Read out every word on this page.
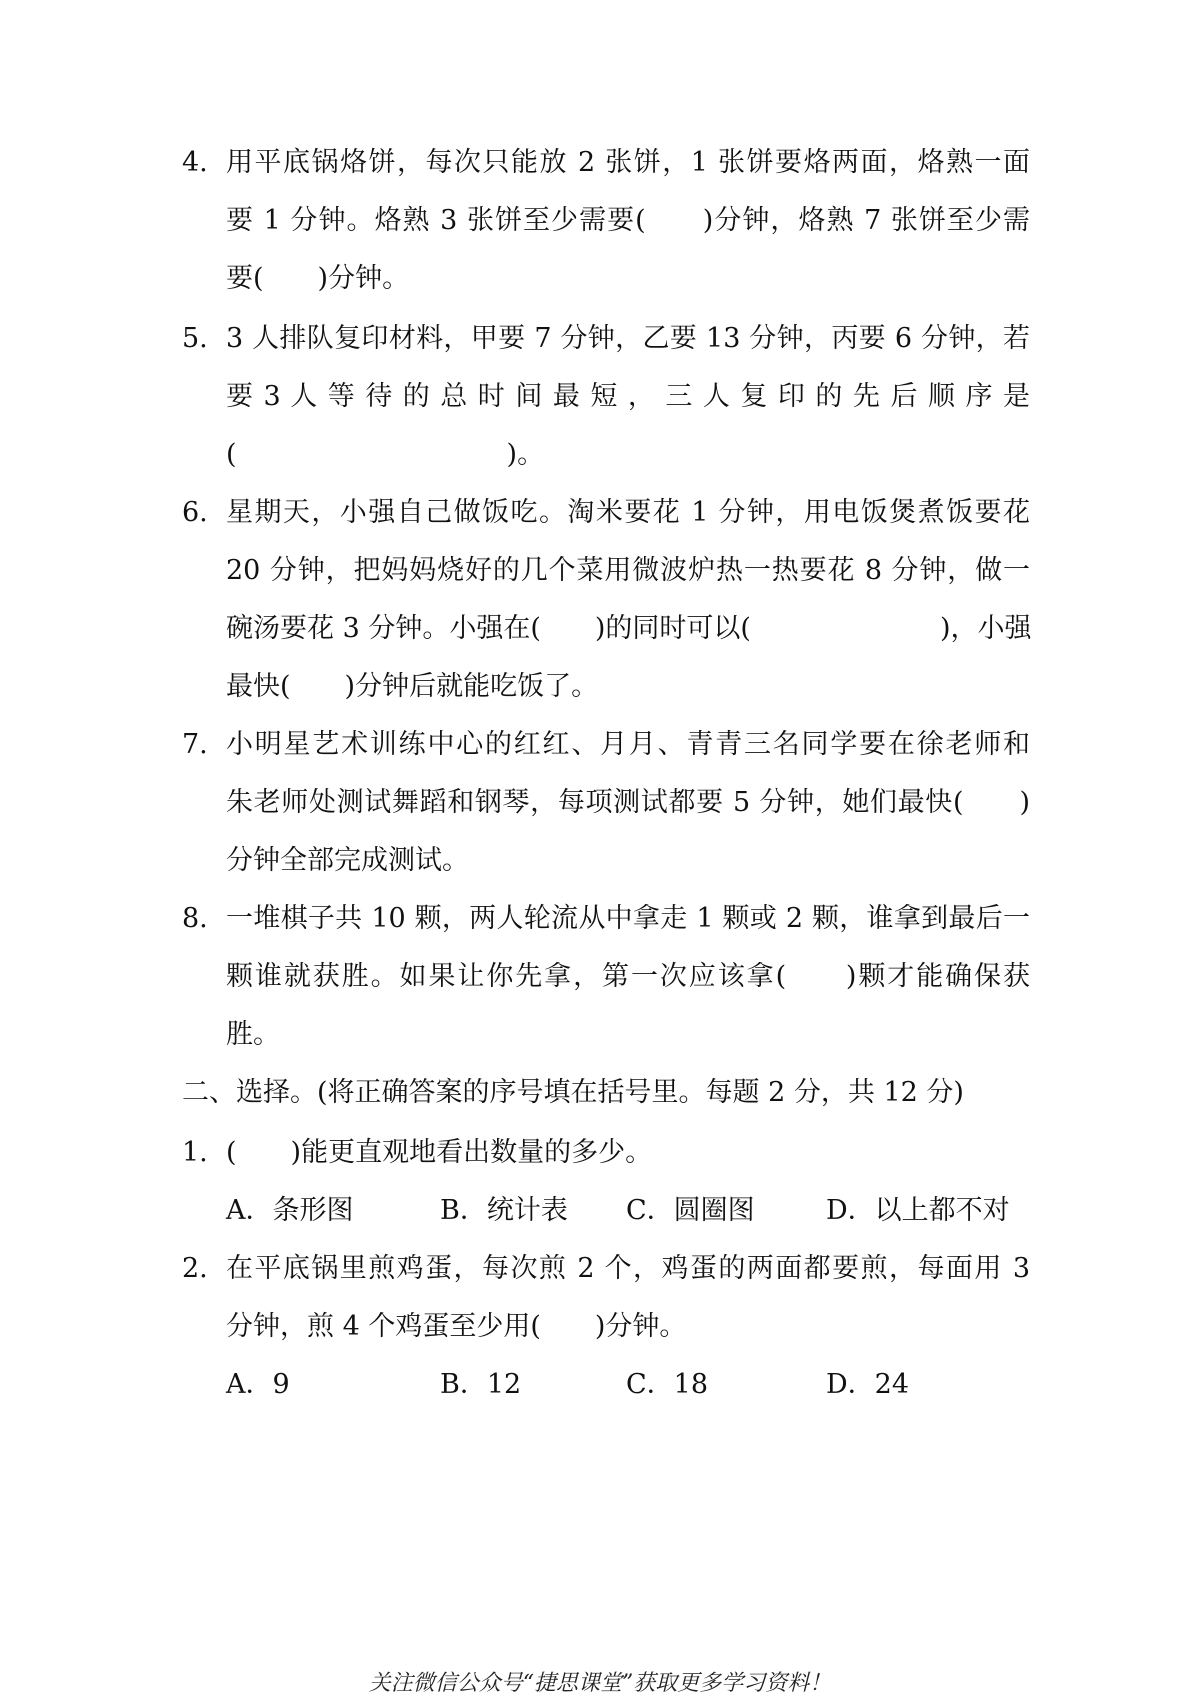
4. 用平底锅烙饼，每次只能放 2 张饼，1 张饼要烙两面，烙熟一面
要 1 分钟。烙熟 3 张饼至少需要(　　)分钟，烙熟 7 张饼至少需
要(　　)分钟。
5. 3 人排队复印材料，甲要 7 分钟，乙要 13 分钟，丙要 6 分钟，若
要 3 人 等 待 的 总 时 间 最 短 ， 三 人 复 印 的 先 后 顺 序 是
(　　　　　　　　　　)。
6. 星期天，小强自己做饭吃。淘米要花 1 分钟，用电饭煲煮饭要花
20 分钟，把妈妈烧好的几个菜用微波炉热一热要花 8 分钟，做一
碗汤要花 3 分钟。小强在(　　)的同时可以(　　　　　　　)，小强
最快(　　)分钟后就能吃饭了。
7. 小明星艺术训练中心的红红、月月、青青三名同学要在徐老师和
朱老师处测试舞蹈和钢琴，每项测试都要 5 分钟，她们最快(　　)
分钟全部完成测试。
8. 一堆棋子共 10 颗，两人轮流从中拿走 1 颗或 2 颗，谁拿到最后一
颗谁就获胜。如果让你先拿，第一次应该拿(　　)颗才能确保获
胜。
二、选择。(将正确答案的序号填在括号里。每题 2 分，共 12 分)
1. (　　)能更直观地看出数量的多少。
A．条形图	B．统计表 C．圆圈图	D．以上都不对
2. 在平底锅里煎鸡蛋，每次煎 2 个，鸡蛋的两面都要煎，每面用 3
分钟，煎 4 个鸡蛋至少用(　　)分钟。
A．9	B．12	C．18	D．24
关注微信公众号“捷思课堂”获取更多学习资料！
